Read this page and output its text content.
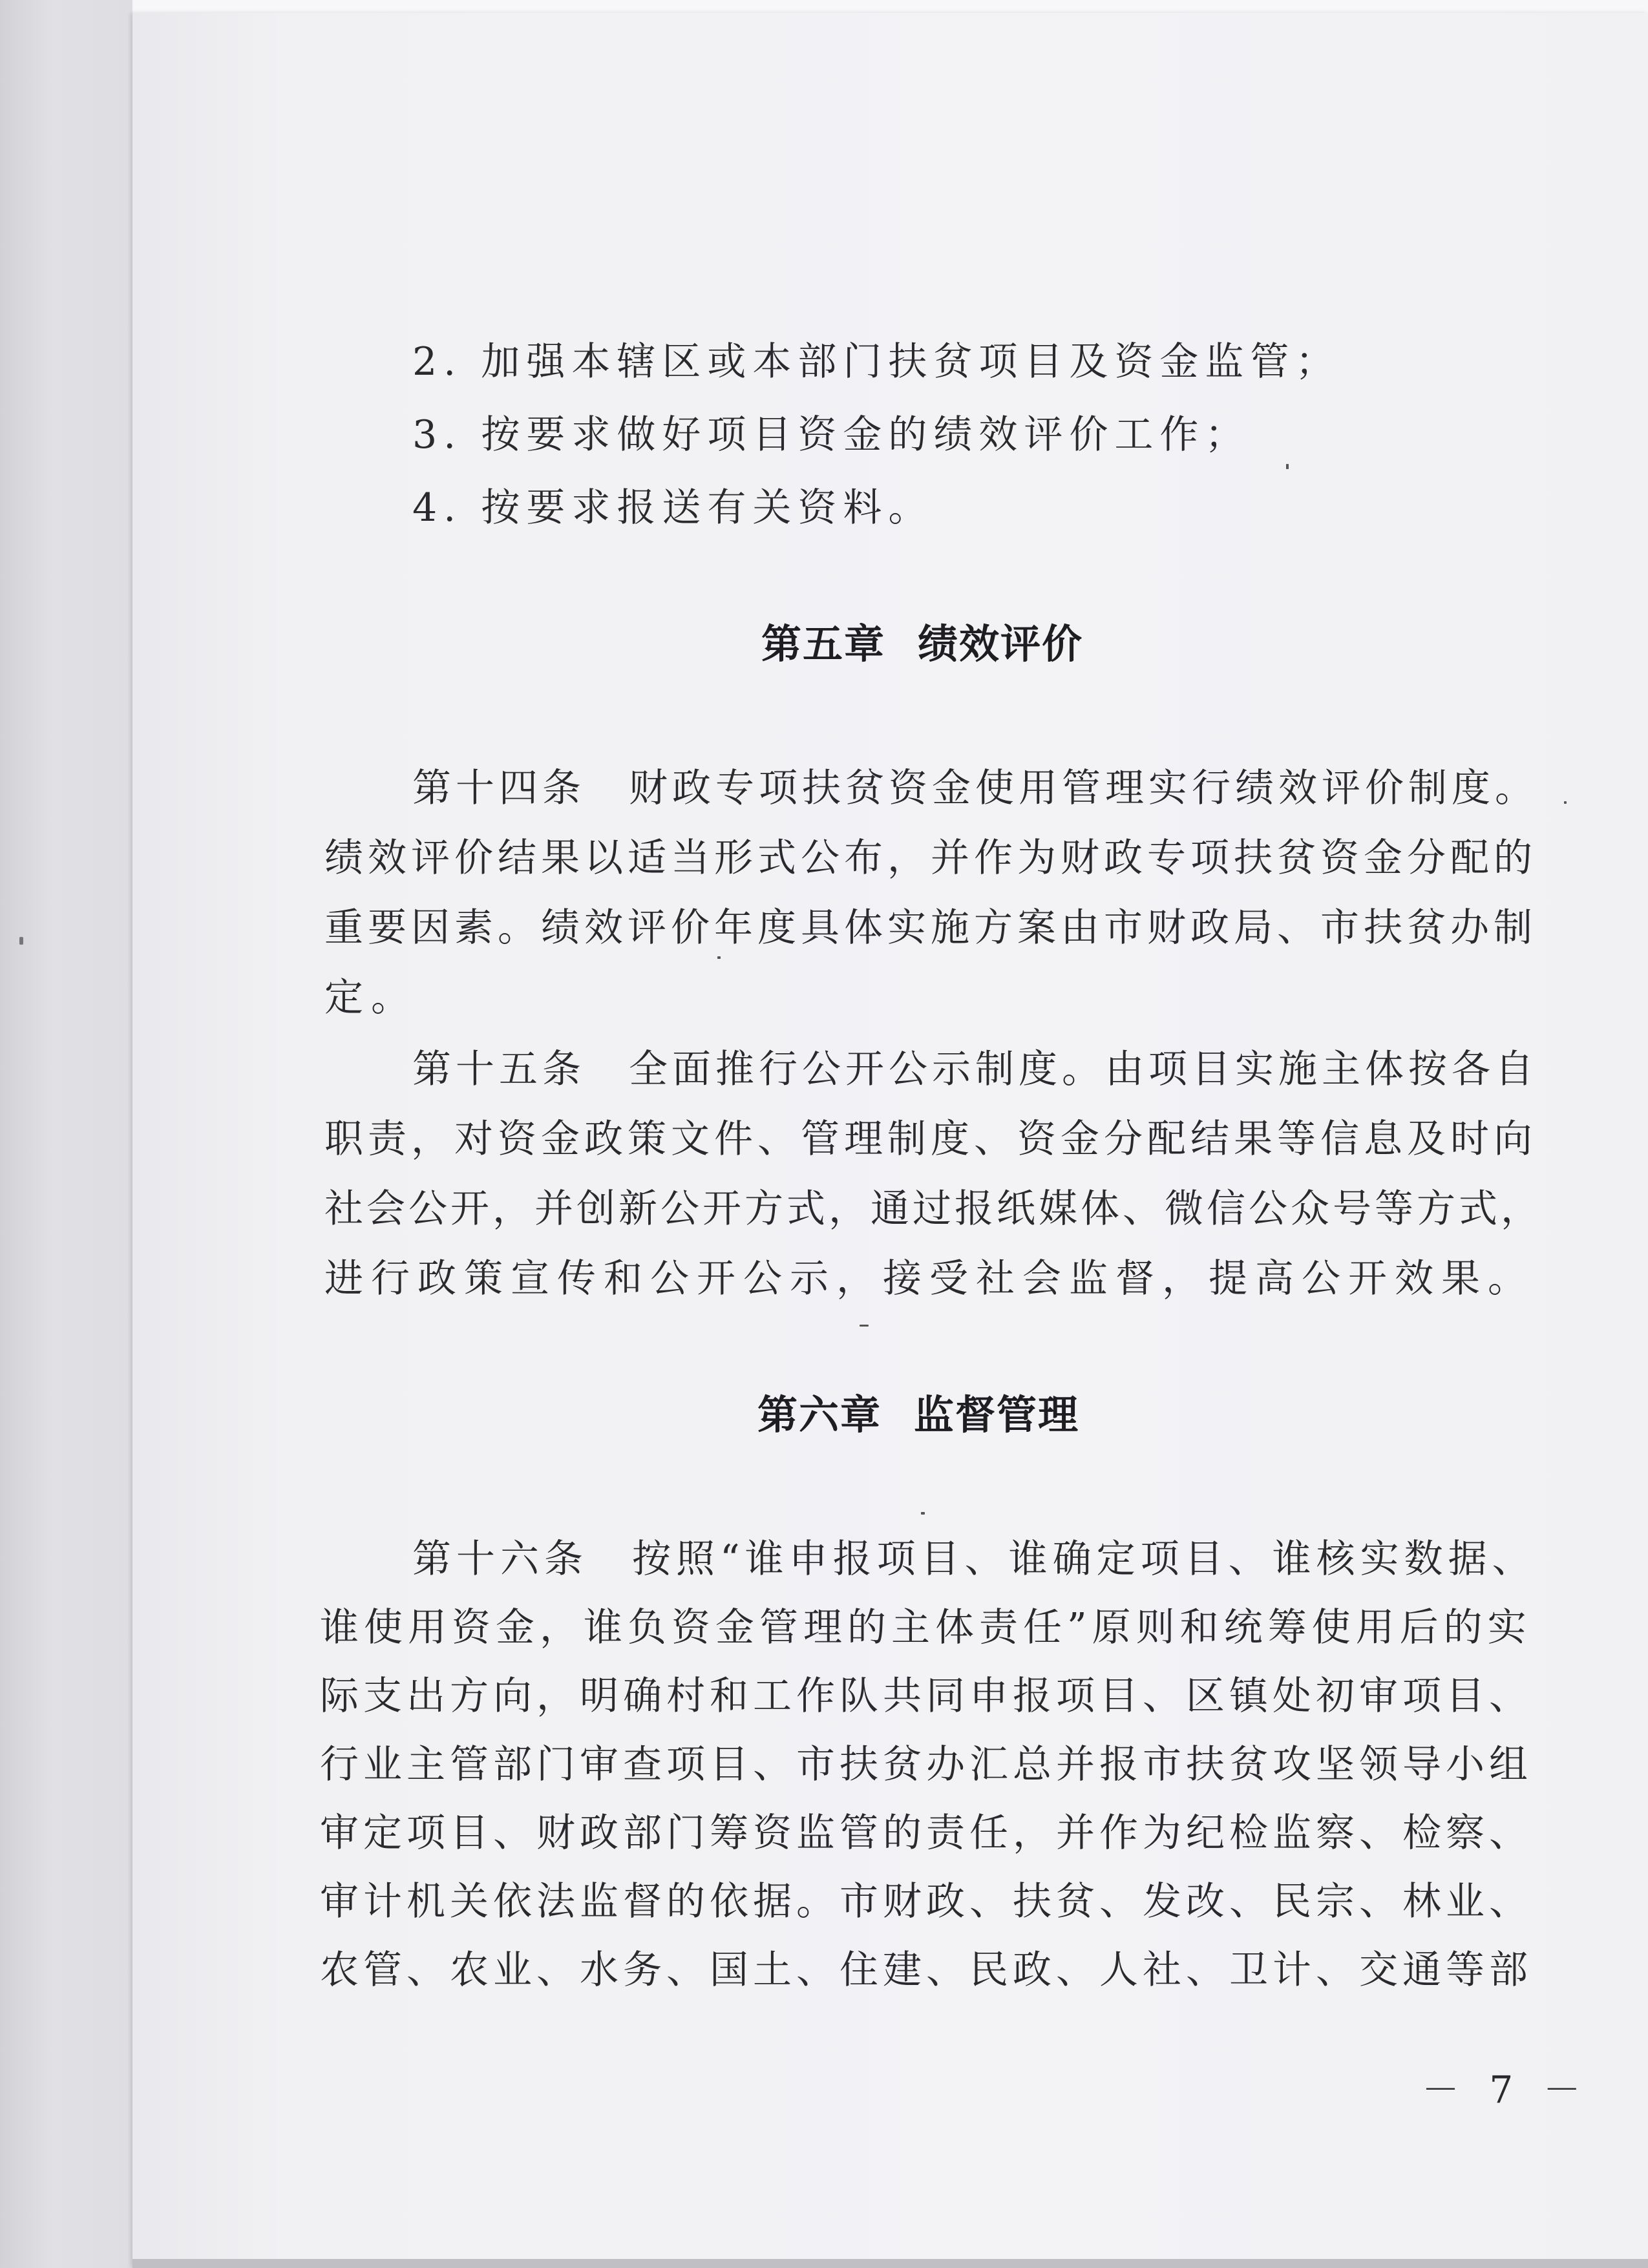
2. 加强本辖区或本部门扶贫项目及资金监管；
3. 按要求做好项目资金的绩效评价工作；
4. 按要求报送有关资料。
第五章 绩效评价
第十四条　财政专项扶贫资金使用管理实行绩效评价制度。
绩效评价结果以适当形式公布，并作为财政专项扶贫资金分配的
重要因素。绩效评价年度具体实施方案由市财政局、市扶贫办制
定。
第十五条　全面推行公开公示制度。由项目实施主体按各自
职责，对资金政策文件、管理制度、资金分配结果等信息及时向
社会公开，并创新公开方式，通过报纸媒体、微信公众号等方式，
进行政策宣传和公开公示，接受社会监督，提高公开效果。
第六章 监督管理
第十六条　按照“谁申报项目、谁确定项目、谁核实数据、
谁使用资金，谁负资金管理的主体责任”原则和统筹使用后的实
际支出方向，明确村和工作队共同申报项目、区镇处初审项目、
行业主管部门审查项目、市扶贫办汇总并报市扶贫攻坚领导小组
审定项目、财政部门筹资监管的责任，并作为纪检监察、检察、
审计机关依法监督的依据。市财政、扶贫、发改、民宗、林业、
农管、农业、水务、国土、住建、民政、人社、卫计、交通等部
－ 7 －
